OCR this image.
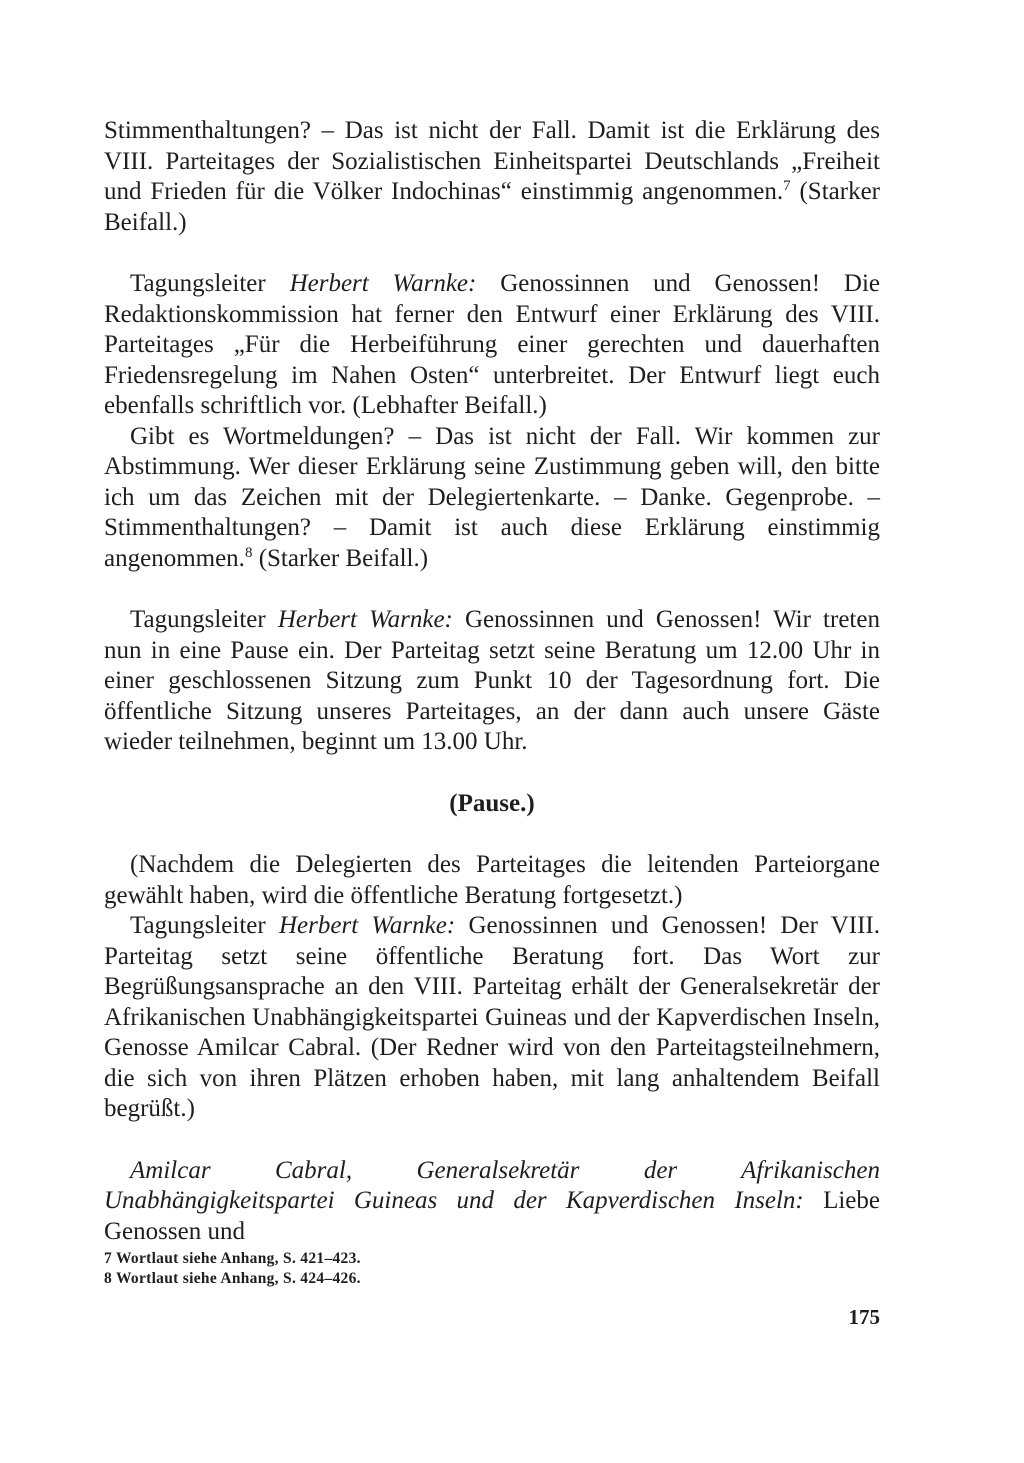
Stimmenthaltungen? – Das ist nicht der Fall. Damit ist die Erklärung des VIII. Parteitages der Sozialistischen Einheitspartei Deutschlands „Freiheit und Frieden für die Völker Indochinas“ einstimmig angenommen.$^7$ (Starker Beifall.)

Tagungsleiter Herbert Warnke: Genossinnen und Genossen! Die Redaktionskommission hat ferner den Entwurf einer Erklärung des VIII. Parteitages „Für die Herbeiführung einer gerechten und dauerhaften Friedensregelung im Nahen Osten“ unterbreitet. Der Entwurf liegt euch ebenfalls schriftlich vor. (Lebhafter Beifall.)

Gibt es Wortmeldungen? – Das ist nicht der Fall. Wir kommen zur Abstimmung. Wer dieser Erklärung seine Zustimmung geben will, den bitte ich um das Zeichen mit der Delegiertenkarte. – Danke. Gegenprobe. – Stimmenthaltungen? – Damit ist auch diese Erklärung einstimmig angenommen.$^8$ (Starker Beifall.)

Tagungsleiter Herbert Warnke: Genossinnen und Genossen! Wir treten nun in eine Pause ein. Der Parteitag setzt seine Beratung um 12.00 Uhr in einer geschlossenen Sitzung zum Punkt 10 der Tagesordnung fort. Die öffentliche Sitzung unseres Parteitages, an der dann auch unsere Gäste wieder teilnehmen, beginnt um 13.00 Uhr.

(Pause.)

(Nachdem die Delegierten des Parteitages die leitenden Parteiorgane gewählt haben, wird die öffentliche Beratung fortgesetzt.)

Tagungsleiter Herbert Warnke: Genossinnen und Genossen! Der VIII. Parteitag setzt seine öffentliche Beratung fort. Das Wort zur Begrüßungsansprache an den VIII. Parteitag erhält der Generalsekretär der Afrikanischen Unabhängigkeitspartei Guineas und der Kapverdischen Inseln, Genosse Amilcar Cabral. (Der Redner wird von den Parteitagsteilnehmern, die sich von ihren Plätzen erhoben haben, mit lang anhaltendem Beifall begrüßt.)

Amilcar Cabral, Generalsekretär der Afrikanischen Unabhängigkeitspartei Guineas und der Kapverdischen Inseln: Liebe Genossen und

7 Wortlaut siehe Anhang, S. 421–423.

8 Wortlaut siehe Anhang, S. 424–426.

175
